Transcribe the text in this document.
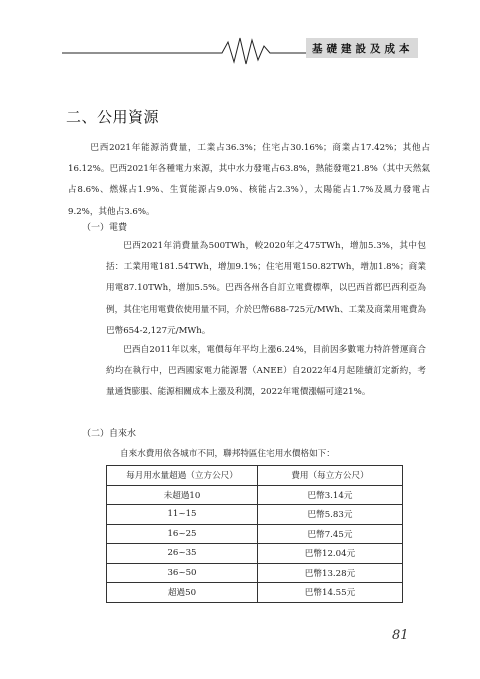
基礎建設及成本
二、公用資源

巴西2021年能源消費量，工業占36.3%；住宅占30.16%；商業占17.42%；其他占16.12%。巴西2021年各種電力來源，其中水力發電占63.8%，熱能發電21.8%（其中天然氣占8.6%、燃媒占1.9%、生質能源占9.0%、核能占2.3%），太陽能占1.7%及風力發電占9.2%，其他占3.6%。

（一）電費

巴西2021年消費量為500TWh，較2020年之475TWh，增加5.3%，其中包括：工業用電181.54TWh，增加9.1%；住宅用電150.82TWh，增加1.8%；商業用電87.10TWh，增加5.5%。巴西各州各自訂立電費標準，以巴西首都巴西利亞為例，其住宅用電費依使用量不同，介於巴幣688-725元/MWh、工業及商業用電費為巴幣654-2,127元/MWh。

巴西自2011年以來，電價每年平均上漲6.24%，目前因多數電力特許營運商合約均在執行中，巴西國家電力能源署（ANEE）自2022年4月起陸續訂定新約，考量通貨膨脹、能源相關成本上漲及利潤，2022年電價漲幅可達21%。

（二）自來水
自來水費用依各城市不同，聯邦特區住宅用水價格如下：
每月用水量超過（立方公尺）	費用（每立方公尺）
未超過10	巴幣3.14元
11~15	巴幣5.83元
16~25	巴幣7.45元
26~35	巴幣12.04元
36~50	巴幣13.28元
超過50	巴幣14.55元
81
